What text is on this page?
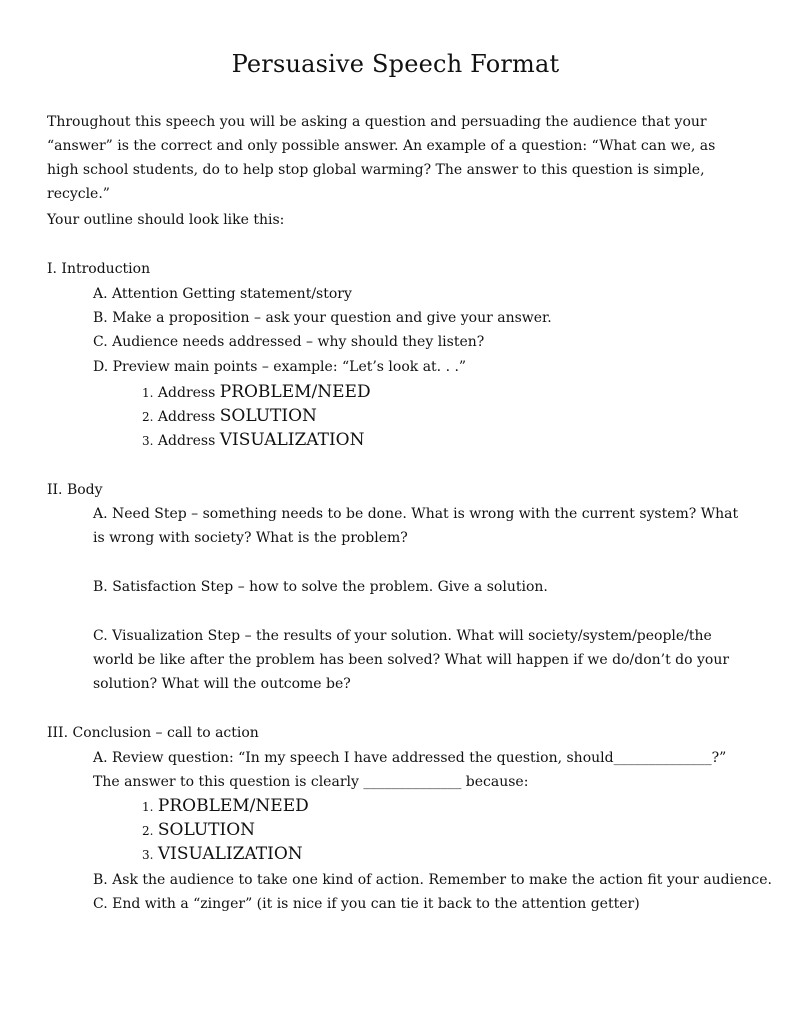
Persuasive Speech Format
Throughout this speech you will be asking a question and persuading the audience that your “answer” is the correct and only possible answer. An example of a question: “What can we, as high school students, do to help stop global warming? The answer to this question is simple, recycle.”
Your outline should look like this:
I. Introduction
A. Attention Getting statement/story
B. Make a proposition – ask your question and give your answer.
C. Audience needs addressed – why should they listen?
D. Preview main points – example: “Let’s look at. . .”
1. Address PROBLEM/NEED
2. Address SOLUTION
3. Address VISUALIZATION
II. Body
A. Need Step – something needs to be done. What is wrong with the current system? What is wrong with society? What is the problem?
B. Satisfaction Step – how to solve the problem. Give a solution.
C. Visualization Step – the results of your solution. What will society/system/people/the world be like after the problem has been solved? What will happen if we do/don’t do your solution? What will the outcome be?
III. Conclusion – call to action
A. Review question: “In my speech I have addressed the question, should______________?”
The answer to this question is clearly ______________ because:
1. PROBLEM/NEED
2. SOLUTION
3. VISUALIZATION
B. Ask the audience to take one kind of action. Remember to make the action fit your audience.
C. End with a “zinger” (it is nice if you can tie it back to the attention getter)
